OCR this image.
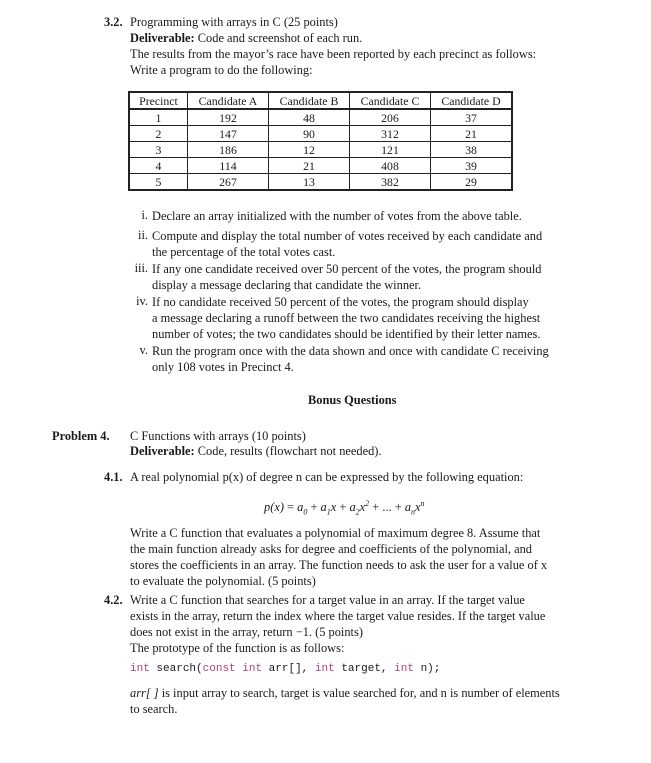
3.2. Programming with arrays in C (25 points)
Deliverable: Code and screenshot of each run.
The results from the mayor’s race have been reported by each precinct as follows:
Write a program to do the following:
Precinct	Candidate A	Candidate B	Candidate C	Candidate D
1	192	48	206	37
2	147	90	312	21
3	186	12	121	38
4	114	21	408	39
5	267	13	382	29
i. Declare an array initialized with the number of votes from the above table.
ii. Compute and display the total number of votes received by each candidate and
the percentage of the total votes cast.
iii. If any one candidate received over 50 percent of the votes, the program should
display a message declaring that candidate the winner.
iv. If no candidate received 50 percent of the votes, the program should display
a message declaring a runoff between the two candidates receiving the highest
number of votes; the two candidates should be identified by their letter names.
v. Run the program once with the data shown and once with candidate C receiving
only 108 votes in Precinct 4.
Bonus Questions
Problem 4. C Functions with arrays (10 points)
Deliverable: Code, results (flowchart not needed).
4.1. A real polynomial p(x) of degree n can be expressed by the following equation:
$p(x) = a_0 + a_1x + a_2x^2$ + ... + $a_nx^n$
Write a C function that evaluates a polynomial of maximum degree 8. Assume that
the main function already asks for degree and coefficients of the polynomial, and
stores the coefficients in an array. The function needs to ask the user for a value of x
to evaluate the polynomial. (5 points)
4.2. Write a C function that searches for a target value in an array. If the target value
exists in the array, return the index where the target value resides. If the target value
does not exist in the array, return −1. (5 points)
The prototype of the function is as follows:
int search(const int arr[], int target, int n);
arr[ ] is input array to search, target is value searched for, and n is number of elements
to search.
